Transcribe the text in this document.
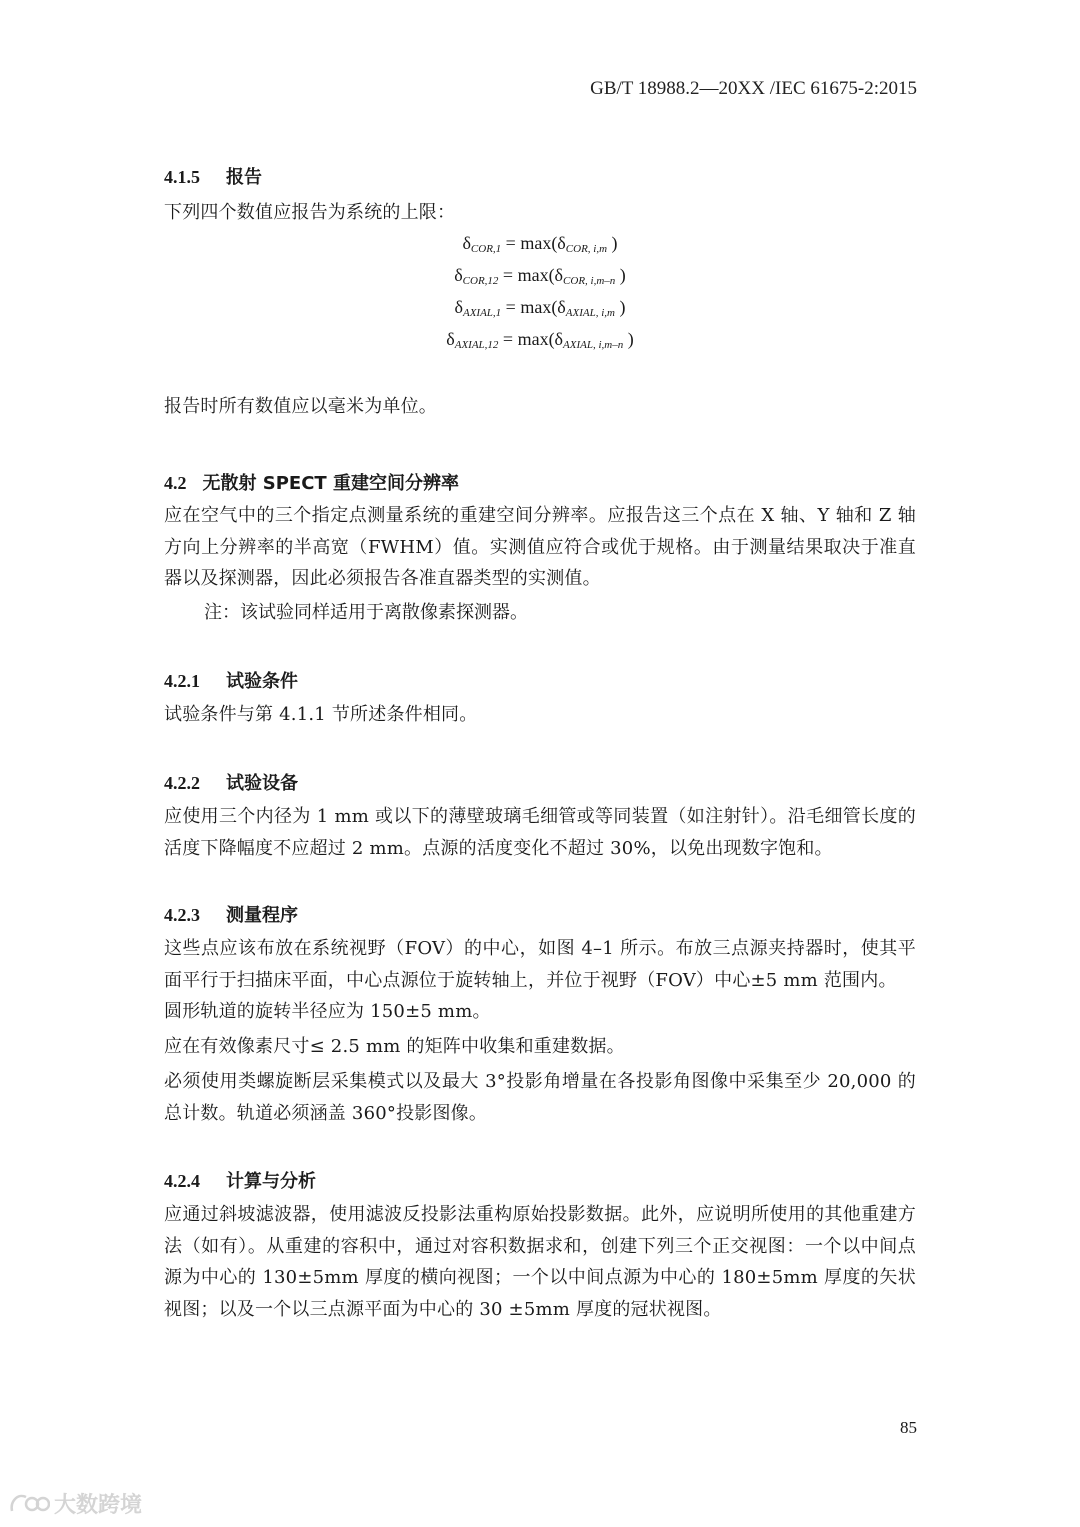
GB/T 18988.2—20XX /IEC 61675-2:2015
4.1.5 报告
下列四个数值应报告为系统的上限：
$\delta_{COR,1} = \max(\delta_{COR, i,m}$ )
$\delta_{COR,12} = \max(\delta_{COR, i,m-n}$ )
$\delta_{AXIAL,1} = \max(\delta_{AXIAL, i,m}$ )
$\delta_{AXIAL,12} = \max(\delta_{AXIAL, i,m-n}$ )
报告时所有数值应以毫米为单位。
4.2 无散射 SPECT 重建空间分辨率
应在空气中的三个指定点测量系统的重建空间分辨率。应报告这三个点在 X 轴、Y 轴和 Z 轴方向上分辨率的半高宽（FWHM）值。实测值应符合或优于规格。由于测量结果取决于准直器以及探测器，因此必须报告各准直器类型的实测值。
注：该试验同样适用于离散像素探测器。
4.2.1 试验条件
试验条件与第 4.1.1 节所述条件相同。
4.2.2 试验设备
应使用三个内径为 1 mm 或以下的薄壁玻璃毛细管或等同装置（如注射针）。沿毛细管长度的活度下降幅度不应超过 2 mm。点源的活度变化不超过 30%，以免出现数字饱和。
4.2.3 测量程序
这些点应该布放在系统视野（FOV）的中心，如图 4–1 所示。布放三点源夹持器时，使其平面平行于扫描床平面，中心点源位于旋转轴上，并位于视野（FOV）中心±5 mm 范围内。
圆形轨道的旋转半径应为 150±5 mm。
应在有效像素尺寸≤ 2.5 mm 的矩阵中收集和重建数据。
必须使用类螺旋断层采集模式以及最大 3°投影角增量在各投影角图像中采集至少 20,000 的总计数。轨道必须涵盖 360°投影图像。
4.2.4 计算与分析
应通过斜坡滤波器，使用滤波反投影法重构原始投影数据。此外，应说明所使用的其他重建方法（如有）。从重建的容积中，通过对容积数据求和，创建下列三个正交视图：一个以中间点源为中心的 130±5mm 厚度的横向视图；一个以中间点源为中心的 180±5mm 厚度的矢状视图；以及一个以三点源平面为中心的 30 ±5mm 厚度的冠状视图。
85
大数跨境
